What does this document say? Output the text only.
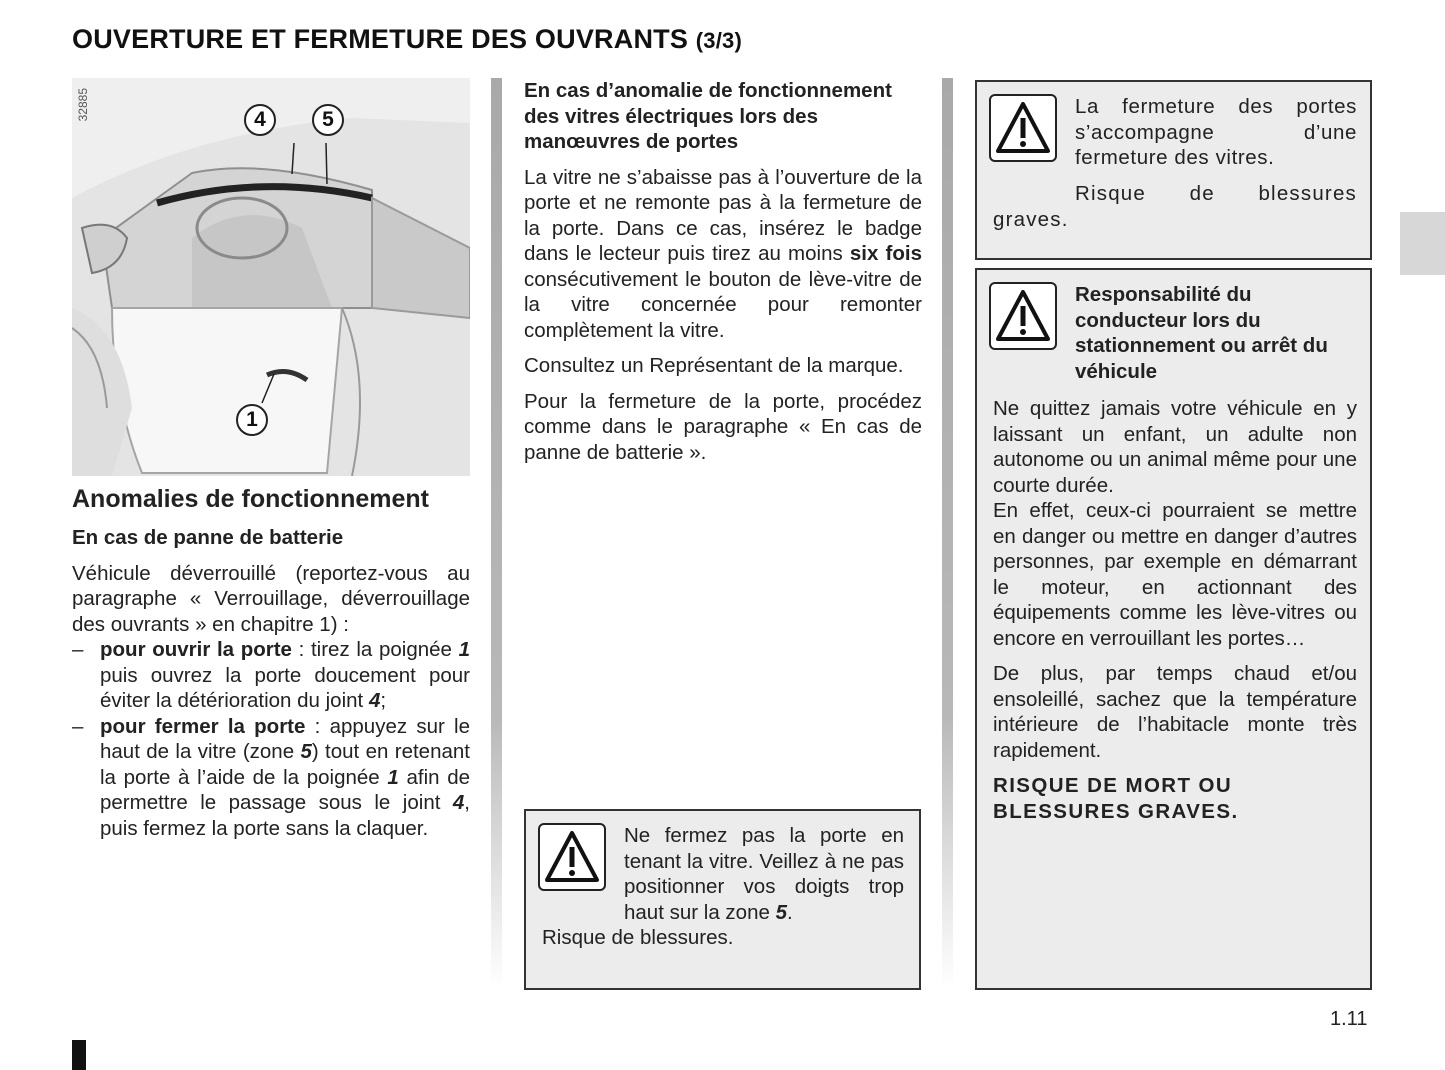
OUVERTURE ET FERMETURE DES OUVRANTS (3/3)
32885	4	5
1
Anomalies de fonctionnement
En cas de panne de batterie

Véhicule déverrouillé (reportez-vous au paragraphe « Verrouillage, déverrouillage des ouvrants » en chapitre 1) :

– pour ouvrir la porte : tirez la poignée 1 puis ouvrez la porte doucement pour éviter la détérioration du joint 4;
– pour fermer la porte : appuyez sur le haut de la vitre (zone 5) tout en retenant la porte à l’aide de la poignée 1 afin de permettre le passage sous le joint 4, puis fermez la porte sans la claquer.
En cas d’anomalie de fonctionnement des vitres électriques lors des manœuvres de portes

La vitre ne s’abaisse pas à l’ouverture de la porte et ne remonte pas à la fermeture de la porte. Dans ce cas, insérez le badge dans le lecteur puis tirez au moins six fois consécutivement le bouton de lève-vitre de la vitre concernée pour remonter complètement la vitre.

Consultez un Représentant de la marque.

Pour la fermeture de la porte, procédez comme dans le paragraphe « En cas de panne de batterie ».

Ne fermez pas la porte en tenant la vitre. Veillez à ne pas positionner vos doigts trop haut sur la zone 5.
Risque de blessures.
La fermeture des portes s’accompagne d’une fermeture des vitres.
Risque de blessures graves.
Responsabilité du conducteur lors du stationnement ou arrêt du véhicule

Ne quittez jamais votre véhicule en y laissant un enfant, un adulte non autonome ou un animal même pour une courte durée.

En effet, ceux-ci pourraient se mettre en danger ou mettre en danger d’autres personnes, par exemple en démarrant le moteur, en actionnant des équipements comme les lève-vitres ou encore en verrouillant les portes…

De plus, par temps chaud et/ou ensoleillé, sachez que la température intérieure de l’habitacle monte très rapidement.

RISQUE DE MORT OU BLESSURES GRAVES.

1.11
